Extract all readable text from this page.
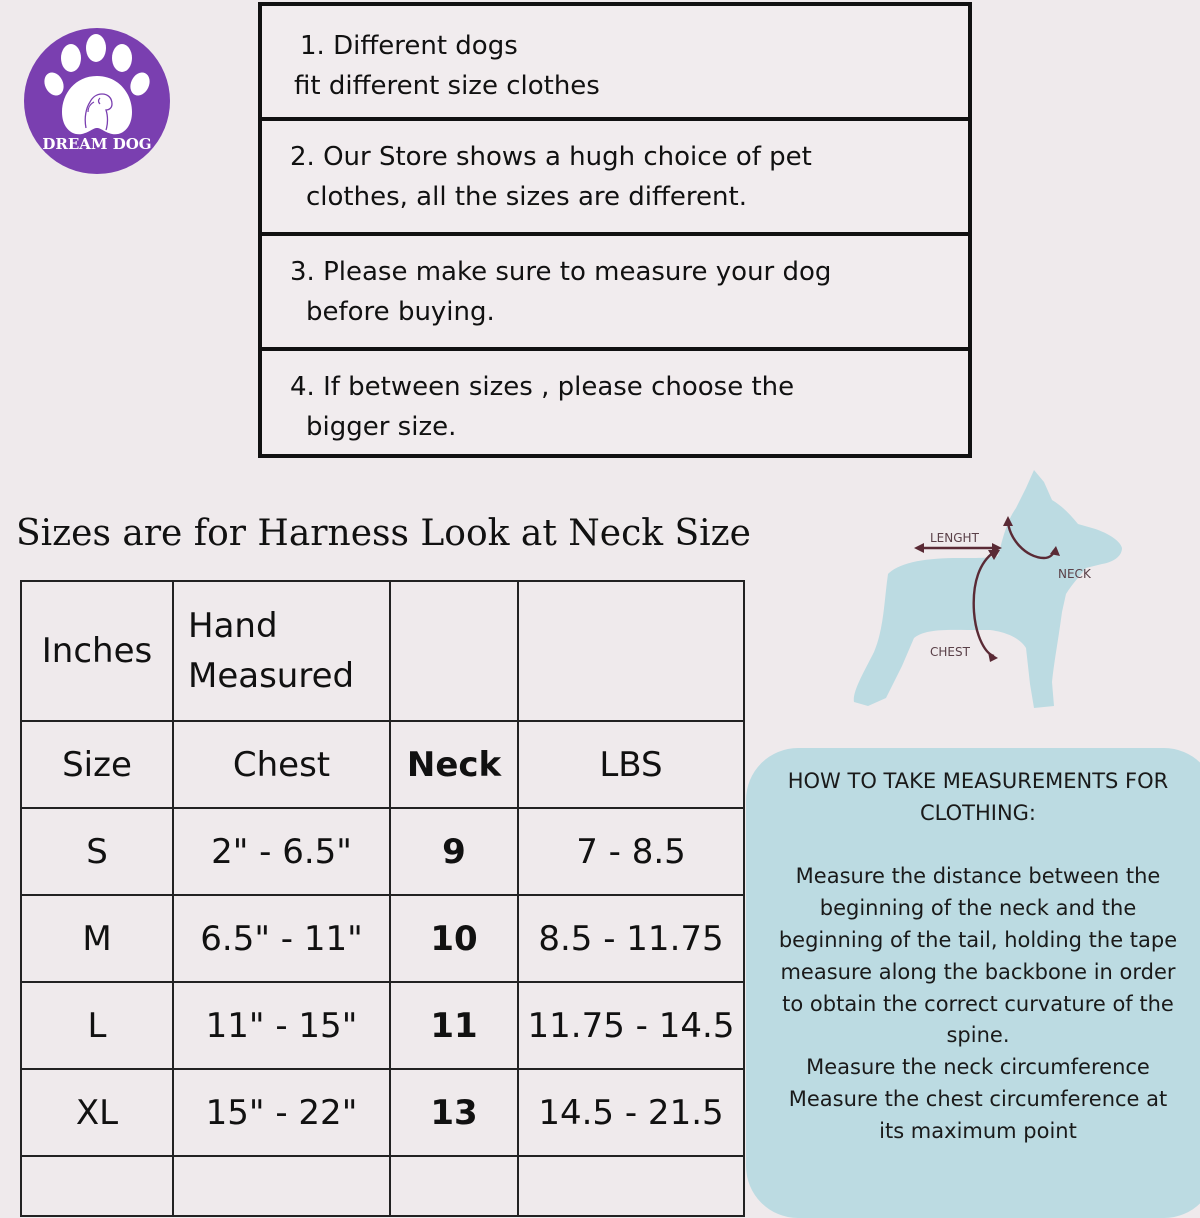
DREAM DOG
1. Different dogs
fit different size clothes
2. Our Store shows a hugh choice of pet
clothes, all the sizes are different.
3. Please make sure to measure your dog
before buying.
4. If between sizes , please choose the
bigger size.
Sizes are for Harness Look at Neck Size
Inches	Hand
Measured		

Size	Chest	Neck	LBS
S	2" - 6.5"	9	7 - 8.5
M	6.5" - 11"	10	8.5 - 11.75
L	11" - 15"	11	11.75 - 14.5
XL	15" - 22"	13	14.5 - 21.5

LENGHT
NECK
CHEST

HOW TO TAKE MEASUREMENTS FOR

CLOTHING:

Measure the distance between the

beginning of the neck and the

beginning of the tail, holding the tape

measure along the backbone in order

to obtain the correct curvature of the

spine.

Measure the neck circumference

Measure the chest circumference at

its maximum point
